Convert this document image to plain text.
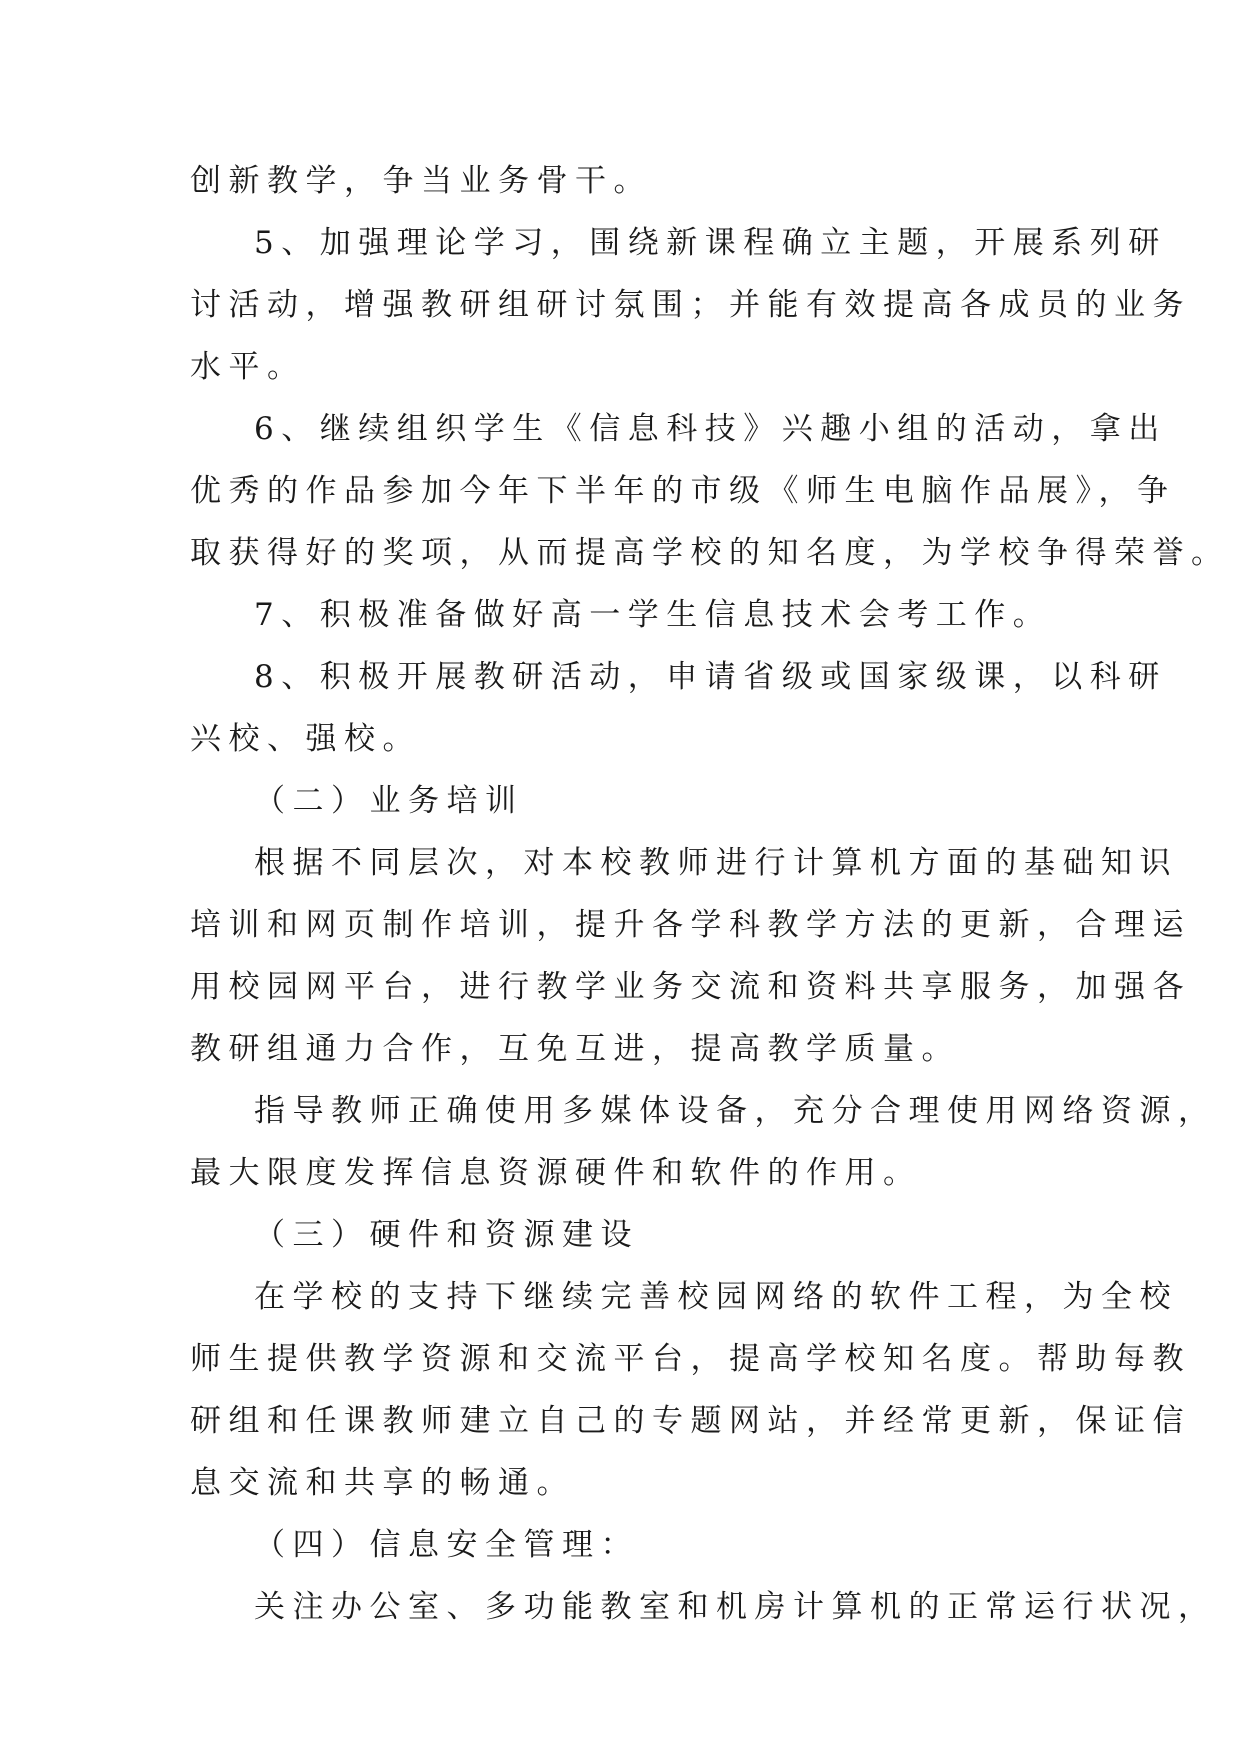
创新教学，争当业务骨干。
5、加强理论学习，围绕新课程确立主题，开展系列研
讨活动，增强教研组研讨氛围；并能有效提高各成员的业务
水平。
6、继续组织学生《信息科技》兴趣小组的活动，拿出
优秀的作品参加今年下半年的市级《师生电脑作品展》，争
取获得好的奖项，从而提高学校的知名度，为学校争得荣誉。
7、积极准备做好高一学生信息技术会考工作。
8、积极开展教研活动，申请省级或国家级课，以科研
兴校、强校。
（二）业务培训
根据不同层次，对本校教师进行计算机方面的基础知识
培训和网页制作培训，提升各学科教学方法的更新，合理运
用校园网平台，进行教学业务交流和资料共享服务，加强各
教研组通力合作，互免互进，提高教学质量。
指导教师正确使用多媒体设备，充分合理使用网络资源，
最大限度发挥信息资源硬件和软件的作用。
（三）硬件和资源建设
在学校的支持下继续完善校园网络的软件工程，为全校
师生提供教学资源和交流平台，提高学校知名度。帮助每教
研组和任课教师建立自己的专题网站，并经常更新，保证信
息交流和共享的畅通。
（四）信息安全管理：
关注办公室、多功能教室和机房计算机的正常运行状况，
